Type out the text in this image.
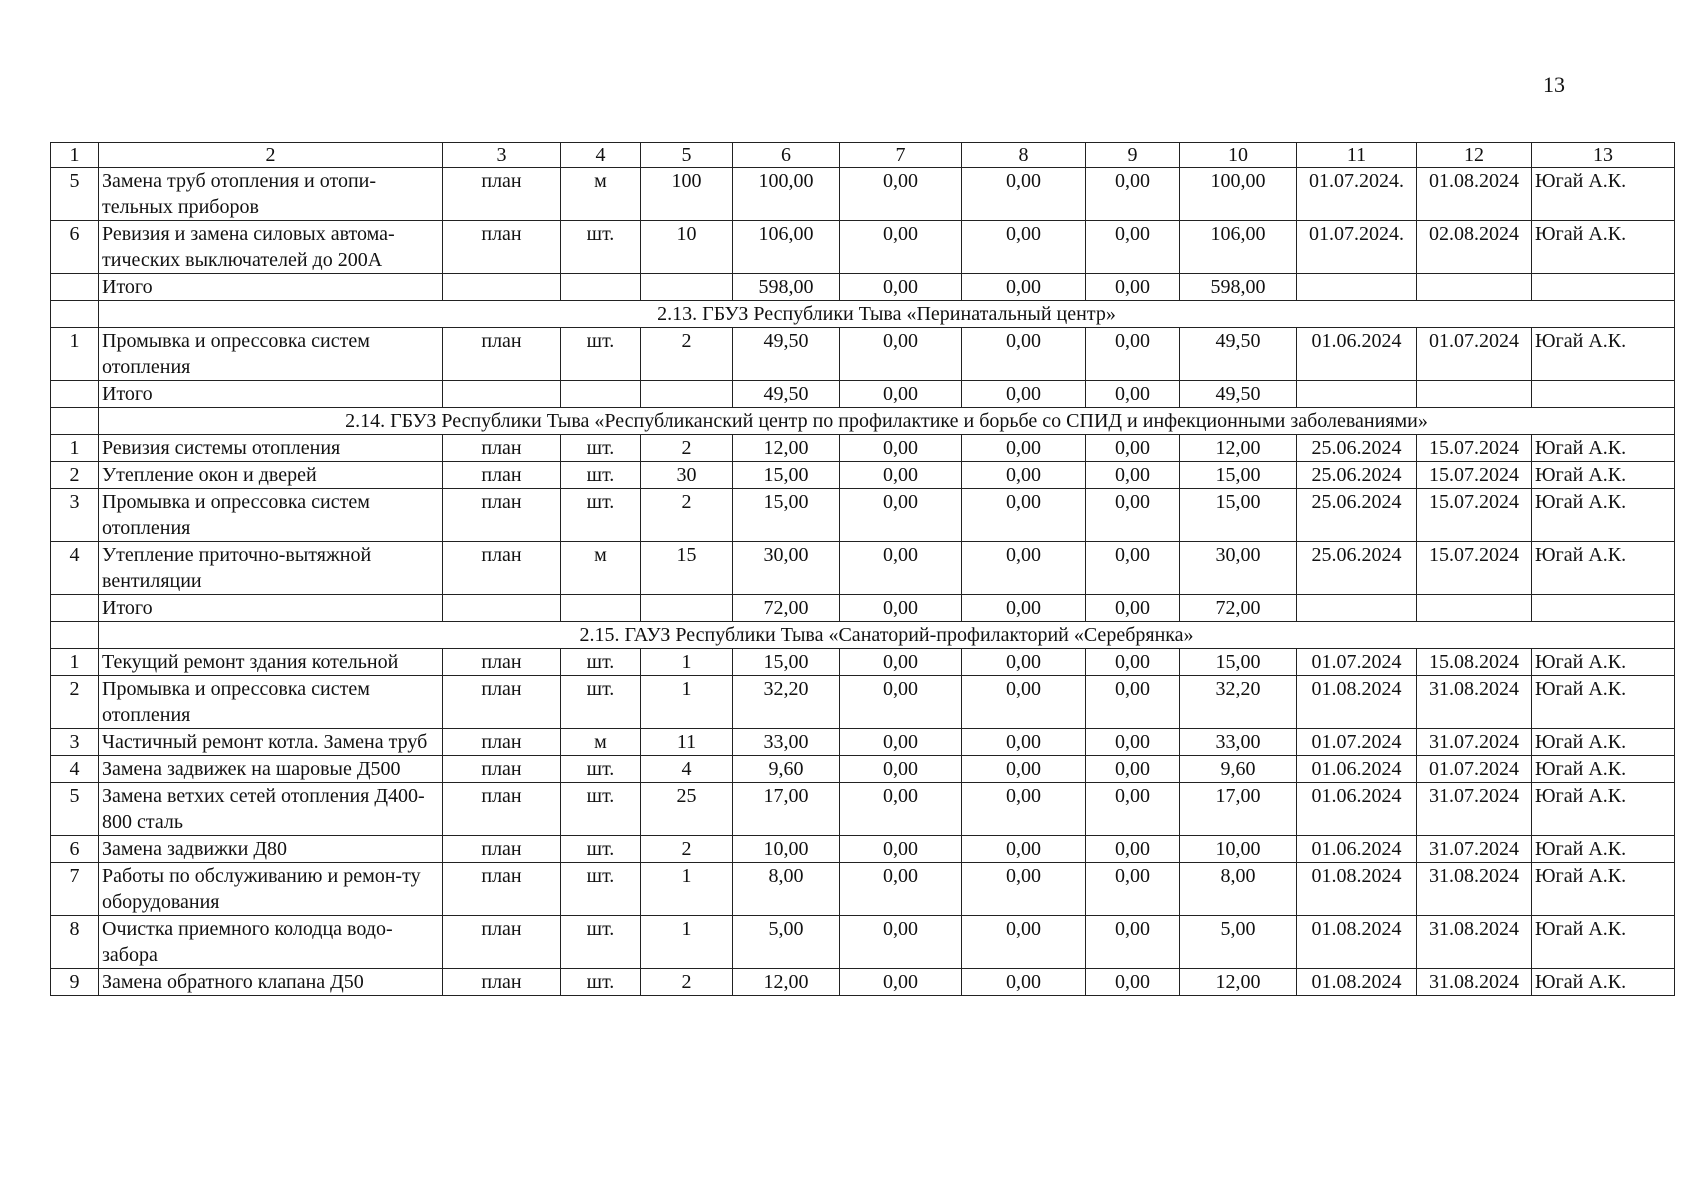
13
1	2	3	4	5	6	7	8	9	10	11	12	13
5	Замена труб отопления и отопи-тельных приборов	план	м	100	100,00	0,00	0,00	0,00	100,00	01.07.2024.	01.08.2024	Югай А.К.
6	Ревизия и замена силовых автома-тических выключателей до 200А	план	шт.	10	106,00	0,00	0,00	0,00	106,00	01.07.2024.	02.08.2024	Югай А.К.
	Итого				598,00	0,00	0,00	0,00	598,00			
	2.13. ГБУЗ Республики Тыва «Перинатальный центр»											
1	Промывка и опрессовка систем отопления	план	шт.	2	49,50	0,00	0,00	0,00	49,50	01.06.2024	01.07.2024	Югай А.К.
	Итого				49,50	0,00	0,00	0,00	49,50			
	2.14. ГБУЗ Республики Тыва «Республиканский центр по профилактике и борьбе со СПИД и инфекционными заболеваниями»											
1	Ревизия системы отопления	план	шт.	2	12,00	0,00	0,00	0,00	12,00	25.06.2024	15.07.2024	Югай А.К.
2	Утепление окон и дверей	план	шт.	30	15,00	0,00	0,00	0,00	15,00	25.06.2024	15.07.2024	Югай А.К.
3	Промывка и опрессовка систем отопления	план	шт.	2	15,00	0,00	0,00	0,00	15,00	25.06.2024	15.07.2024	Югай А.К.
4	Утепление приточно-вытяжной вентиляции	план	м	15	30,00	0,00	0,00	0,00	30,00	25.06.2024	15.07.2024	Югай А.К.
	Итого				72,00	0,00	0,00	0,00	72,00			
	2.15. ГАУЗ Республики Тыва «Санаторий-профилакторий «Серебрянка»											
1	Текущий ремонт здания котельной	план	шт.	1	15,00	0,00	0,00	0,00	15,00	01.07.2024	15.08.2024	Югай А.К.
2	Промывка и опрессовка систем отопления	план	шт.	1	32,20	0,00	0,00	0,00	32,20	01.08.2024	31.08.2024	Югай А.К.
3	Частичный ремонт котла. Замена труб	план	м	11	33,00	0,00	0,00	0,00	33,00	01.07.2024	31.07.2024	Югай А.К.
4	Замена задвижек на шаровые Д500	план	шт.	4	9,60	0,00	0,00	0,00	9,60	01.06.2024	01.07.2024	Югай А.К.
5	Замена ветхих сетей отопления Д400-800 сталь	план	шт.	25	17,00	0,00	0,00	0,00	17,00	01.06.2024	31.07.2024	Югай А.К.
6	Замена задвижки Д80	план	шт.	2	10,00	0,00	0,00	0,00	10,00	01.06.2024	31.07.2024	Югай А.К.
7	Работы по обслуживанию и ремон-ту оборудования	план	шт.	1	8,00	0,00	0,00	0,00	8,00	01.08.2024	31.08.2024	Югай А.К.
8	Очистка приемного колодца водо-забора	план	шт.	1	5,00	0,00	0,00	0,00	5,00	01.08.2024	31.08.2024	Югай А.К.
9	Замена обратного клапана Д50	план	шт.	2	12,00	0,00	0,00	0,00	12,00	01.08.2024	31.08.2024	Югай А.К.
